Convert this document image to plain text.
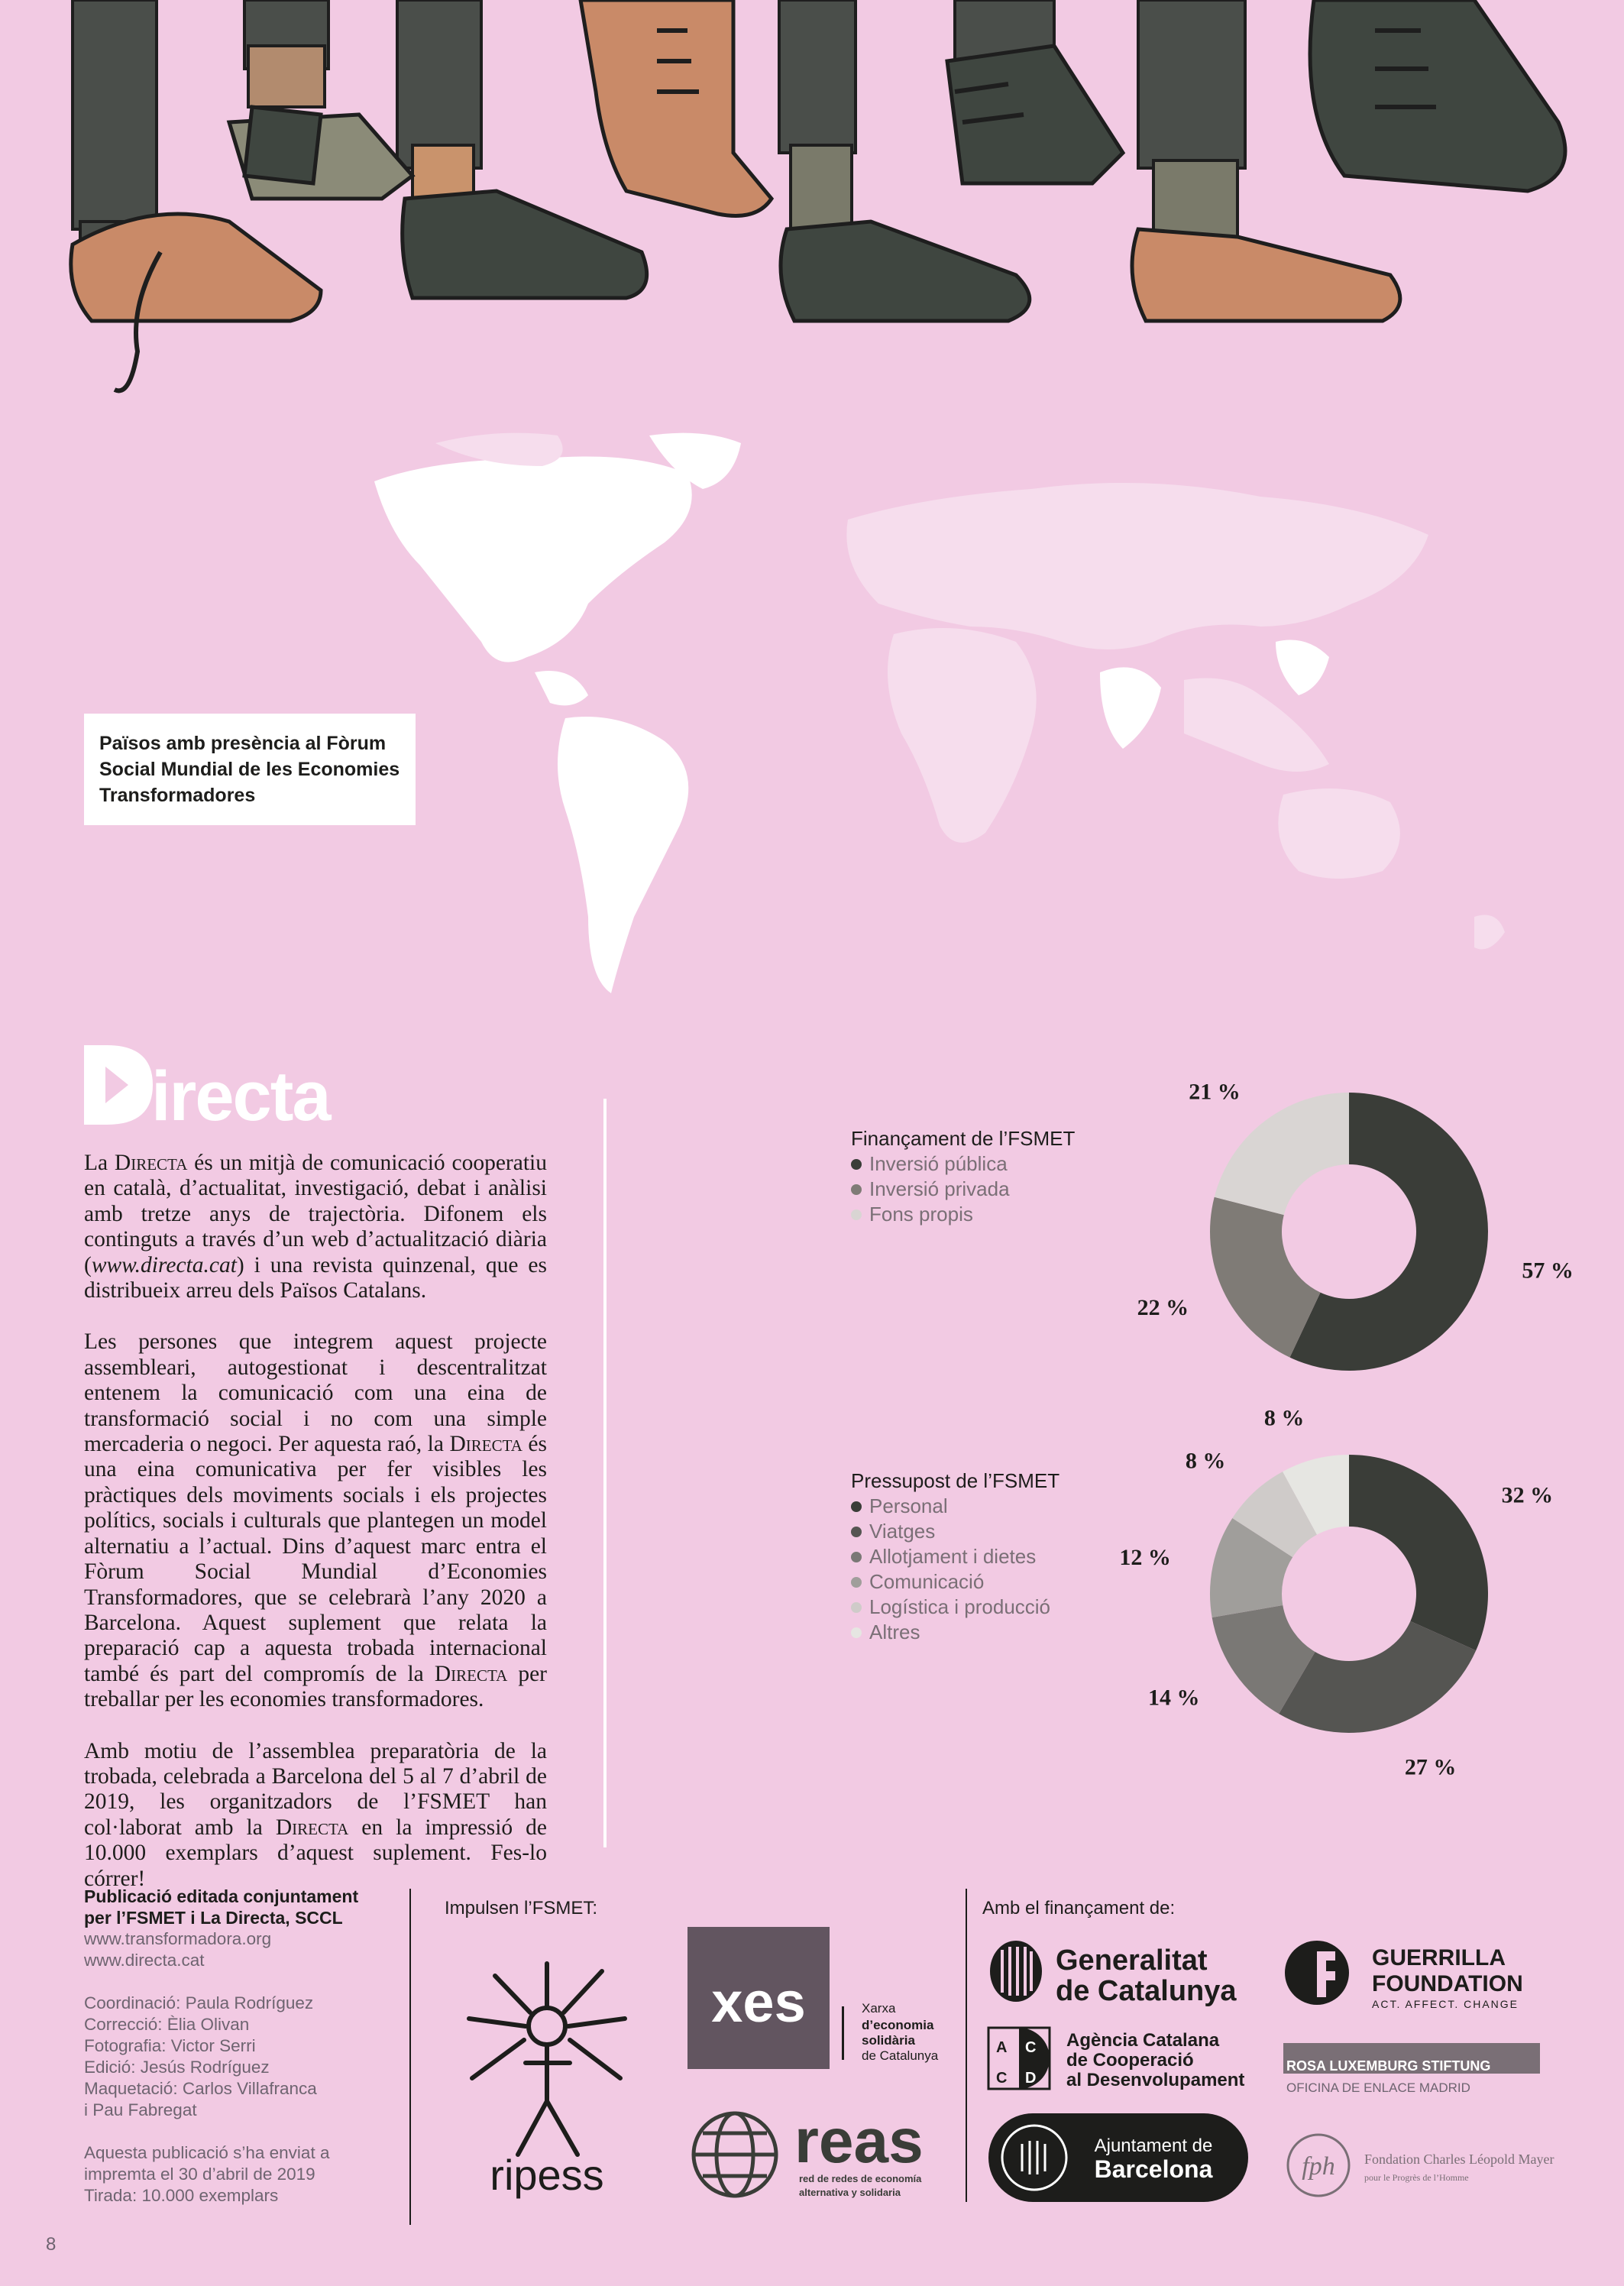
Països amb presència al Fòrum Social Mundial de les Economies Transformadores
irecta

La Directa és un mitjà de comunicació cooperatiu en català, d’actualitat, investigació, debat i anàlisi amb tretze anys de trajectòria. Difonem els continguts a través d’un web d’actualització diària (www.directa.cat) i una revista quinzenal, que es distribueix arreu dels Països Catalans.

Les persones que integrem aquest projecte assembleari, autogestionat i descentralitzat entenem la comunicació com una eina de transformació social i no com una simple mercaderia o negoci. Per aquesta raó, la Directa és una eina comunicativa per fer visibles les pràctiques dels moviments socials i els projectes polítics, socials i culturals que plantegen un model alternatiu a l’actual. Dins d’aquest marc entra el Fòrum Social Mundial d’Economies Transformadores, que se celebrarà l’any 2020 a Barcelona. Aquest suplement que relata la preparació cap a aquesta trobada internacional també és part del compromís de la Directa per treballar per les economies transformadores.

Amb motiu de l’assemblea preparatòria de la trobada, celebrada a Barcelona del 5 al 7 d’abril de 2019, les organitzadors de l’FSMET han col·laborat amb la Directa en la impressió de 10.000 exemplars d’aquest suplement. Fes-lo córrer!

Finançament de l’FSMET
Inversió pública
Inversió privada
Fons propis
57 %
22 %
21 %
Pressupost de l’FSMET
Personal
Viatges
Allotjament i dietes
Comunicació
Logística i producció
Altres
32 %
27 %
14 %
12 %
8 %
8 %
Publicació editada conjuntament
per l’FSMET i La Directa, SCCL
www.transformadora.org
www.directa.cat
Coordinació: Paula Rodríguez
Correcció: Èlia Olivan
Fotografia: Victor Serri
Edició: Jesús Rodríguez
Maquetació: Carlos Villafranca
i Pau Fabregat
Aquesta publicació s’ha enviat a
impremta el 30 d’abril de 2019
Tirada: 10.000 exemplars
Impulsen l’FSMET:
ripess
xes	Xarxa
d’economia
solidària
de Catalunya
reas
red de redes de economía
alternativa y solidaria
Amb el finançament de:
Generalitat
de Catalunya
A C
C D
Agència Catalana
de Cooperació
al Desenvolupament
Ajuntament de
Barcelona
GUERRILLA
FOUNDATION
ACT. AFFECT. CHANGE
ROSA LUXEMBURG STIFTUNG
OFICINA DE ENLACE MADRID
fph Fondation Charles Léopold Mayer
pour le Progrès de l’Homme
8
